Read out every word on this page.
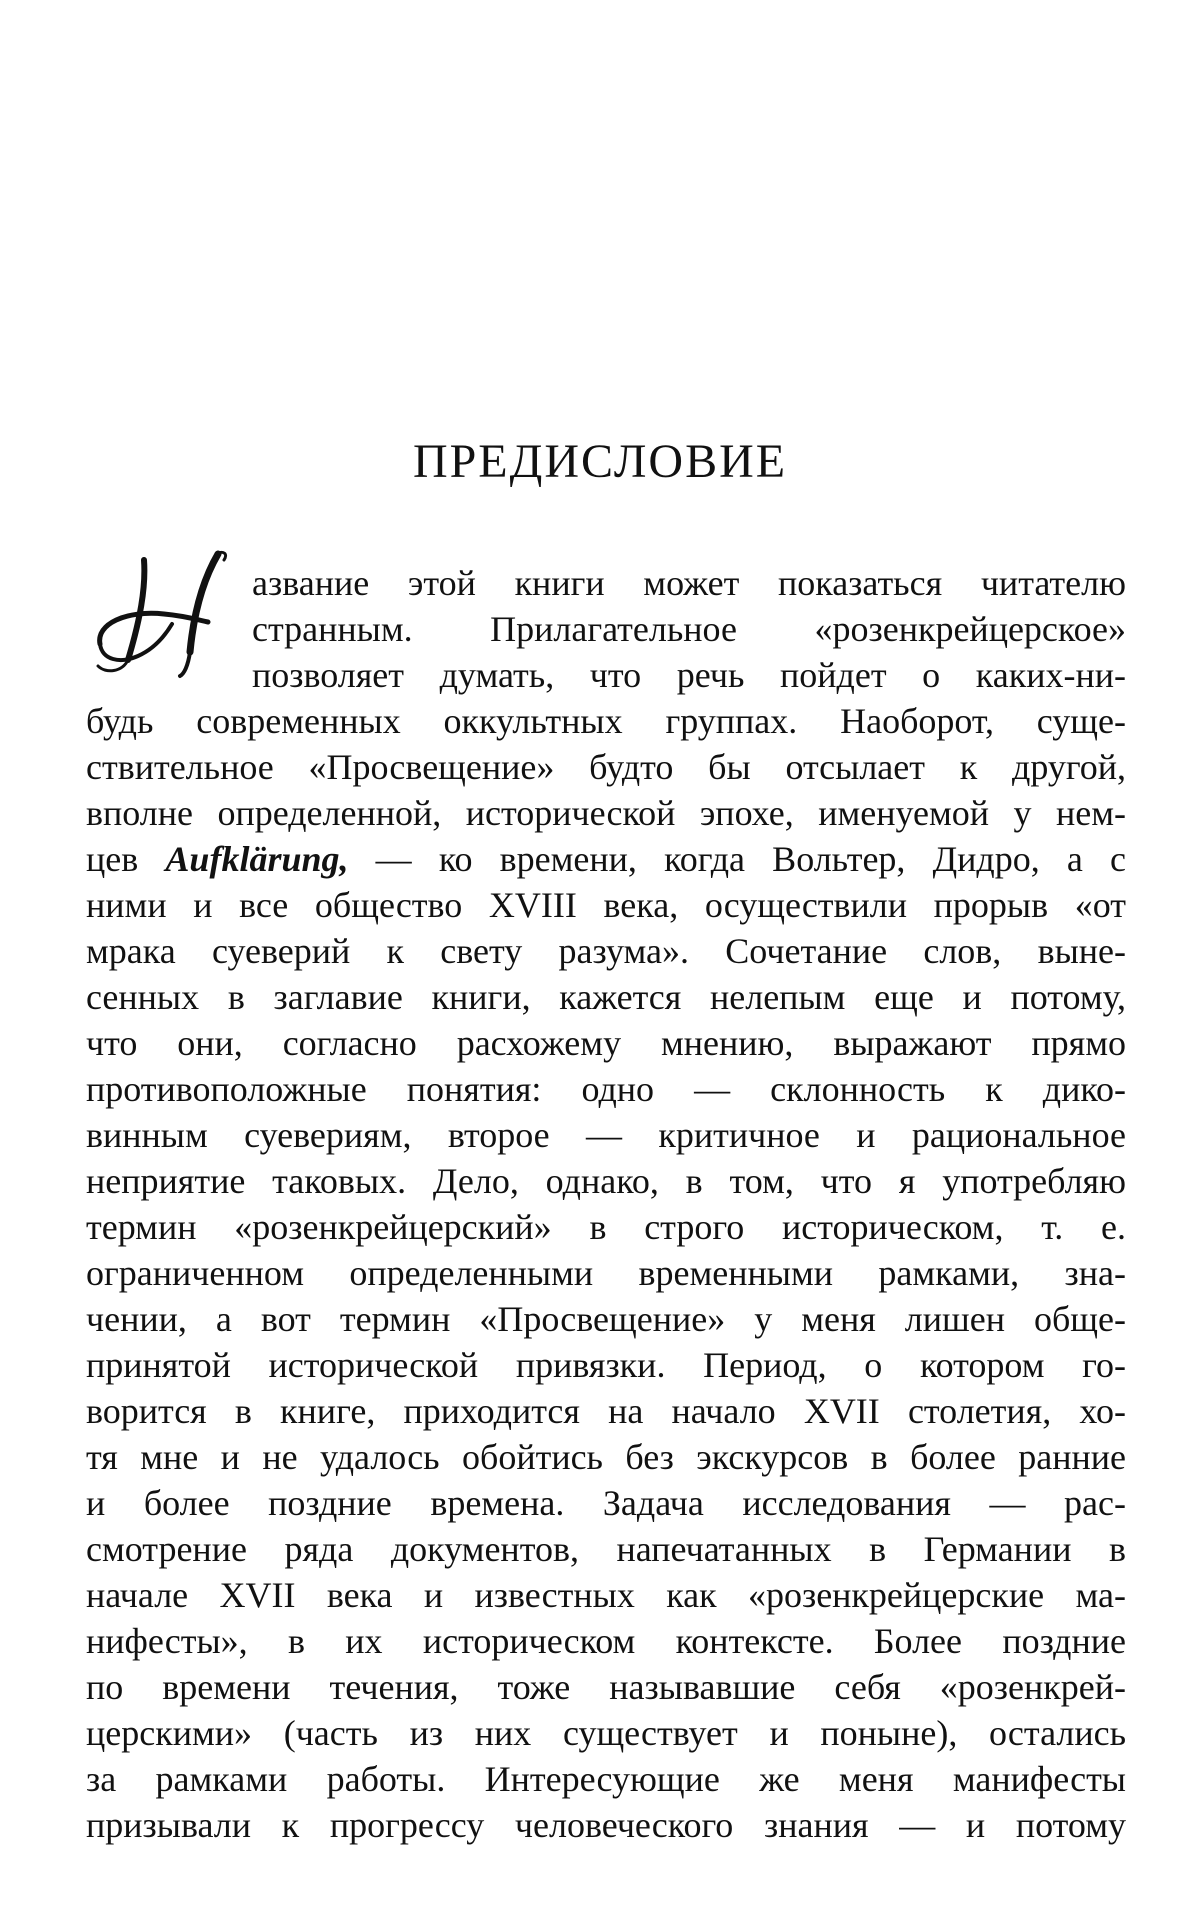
ПРЕДИСЛОВИЕ

азвание этой книги может показаться читателю

странным. Прилагательное «розенкрейцерское»

позволяет думать, что речь пойдет о каких-ни-

будь современных оккультных группах. Наоборот, суще-

ствительное «Просвещение» будто бы отсылает к другой,

вполне определенной, исторической эпохе, именуемой у нем-

цев Aufklärung, — ко времени, когда Вольтер, Дидро, а с

ними и все общество XVIII века, осуществили прорыв «от

мрака суеверий к свету разума». Сочетание слов, выне-

сенных в заглавие книги, кажется нелепым еще и потому,

что они, согласно расхожему мнению, выражают прямо

противоположные понятия: одно — склонность к дико-

винным суевериям, второе — критичное и рациональное

неприятие таковых. Дело, однако, в том, что я употребляю

термин «розенкрейцерский» в строго историческом, т. е.

ограниченном определенными временными рамками, зна-

чении, а вот термин «Просвещение» у меня лишен обще-

принятой исторической привязки. Период, о котором го-

ворится в книге, приходится на начало XVII столетия, хо-

тя мне и не удалось обойтись без экскурсов в более ранние

и более поздние времена. Задача исследования — рас-

смотрение ряда документов, напечатанных в Германии в

начале XVII века и известных как «розенкрейцерские ма-

нифесты», в их историческом контексте. Более поздние

по времени течения, тоже называвшие себя «розенкрей-

церскими» (часть из них существует и поныне), остались

за рамками работы. Интересующие же меня манифесты

призывали к прогрессу человеческого знания — и потому
